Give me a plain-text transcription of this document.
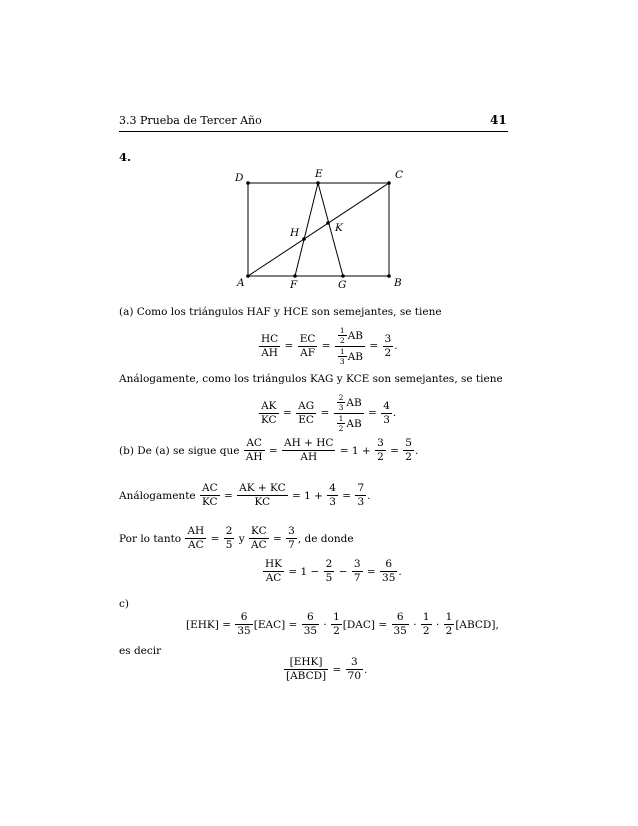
3.3 Prueba de Tercer Año	41
4.
A	B
C
D	E
F	G
H	K
(a) Como los triángulos HAF y HCE son semejantes, se tiene
$\frac{HC}{AH} = \frac{EC}{AF} = \frac{\frac{1}{2} AB}{\frac{1}{3} AB} = \frac{3}{2}$ .
Análogamente, como los triángulos KAG y KCE son semejantes, se tiene
$\frac{AK}{KC} = \frac{AG}{EC} = \frac{\frac{2}{3} AB}{\frac{1}{2} AB} = \frac{4}{3}$ .
(b) De (a) se sigue que $\frac{AC}{AH} = \frac{AH + HC}{AH} = 1 + \frac{3}{2} = \frac{5}{2}$ .
Análogamente $\frac{AC}{KC} = \frac{AK + KC}{KC} = 1 + \frac{4}{3} = \frac{7}{3}$ .
Por lo tanto $\frac{AH}{AC} = \frac{2}{5}$ y $\frac{KC}{AC} = \frac{3}{7}$ , de donde
$\frac{HK}{AC} = 1 - \frac{2}{5} - \frac{3}{7} = \frac{6}{35}$ .
c)
$[EHK] = \frac{6}{35} [EAC] = \frac{6}{35} \cdot \frac{1}{2} [DAC] = \frac{6}{35} \cdot \frac{1}{2} \cdot \frac{1}{2}$ [ABCD],
es decir
$\frac{\text{[EHK]}}{\text{[ABCD]}} = \frac{3}{70}$ .
